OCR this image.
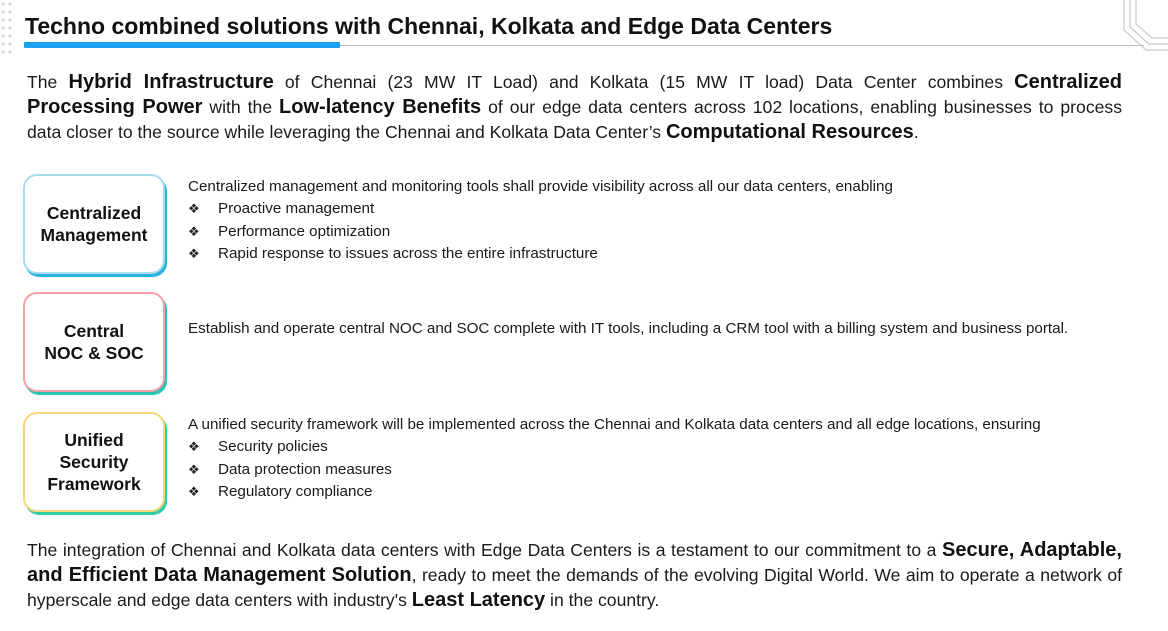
Techno combined solutions with Chennai, Kolkata and Edge Data Centers
The Hybrid Infrastructure of Chennai (23 MW IT Load) and Kolkata (15 MW IT load) Data Center combines Centralized Processing Power with the Low-latency Benefits of our edge data centers across 102 locations, enabling businesses to process data closer to the source while leveraging the Chennai and Kolkata Data Center’s Computational Resources.
Centralized
Management
Centralized management and monitoring tools shall provide visibility across all our data centers, enabling
❖	Proactive management
❖	Performance optimization
❖	Rapid response to issues across the entire infrastructure
Central
NOC & SOC
Establish and operate central NOC and SOC complete with IT tools, including a CRM tool with a billing system and business portal.
Unified
Security
Framework
A unified security framework will be implemented across the Chennai and Kolkata data centers and all edge locations, ensuring
❖	Security policies
❖	Data protection measures
❖	Regulatory compliance
The integration of Chennai and Kolkata data centers with Edge Data Centers is a testament to our commitment to a Secure, Adaptable, and Efficient Data Management Solution, ready to meet the demands of the evolving Digital World. We aim to operate a network of hyperscale and edge data centers with industry's Least Latency in the country.
